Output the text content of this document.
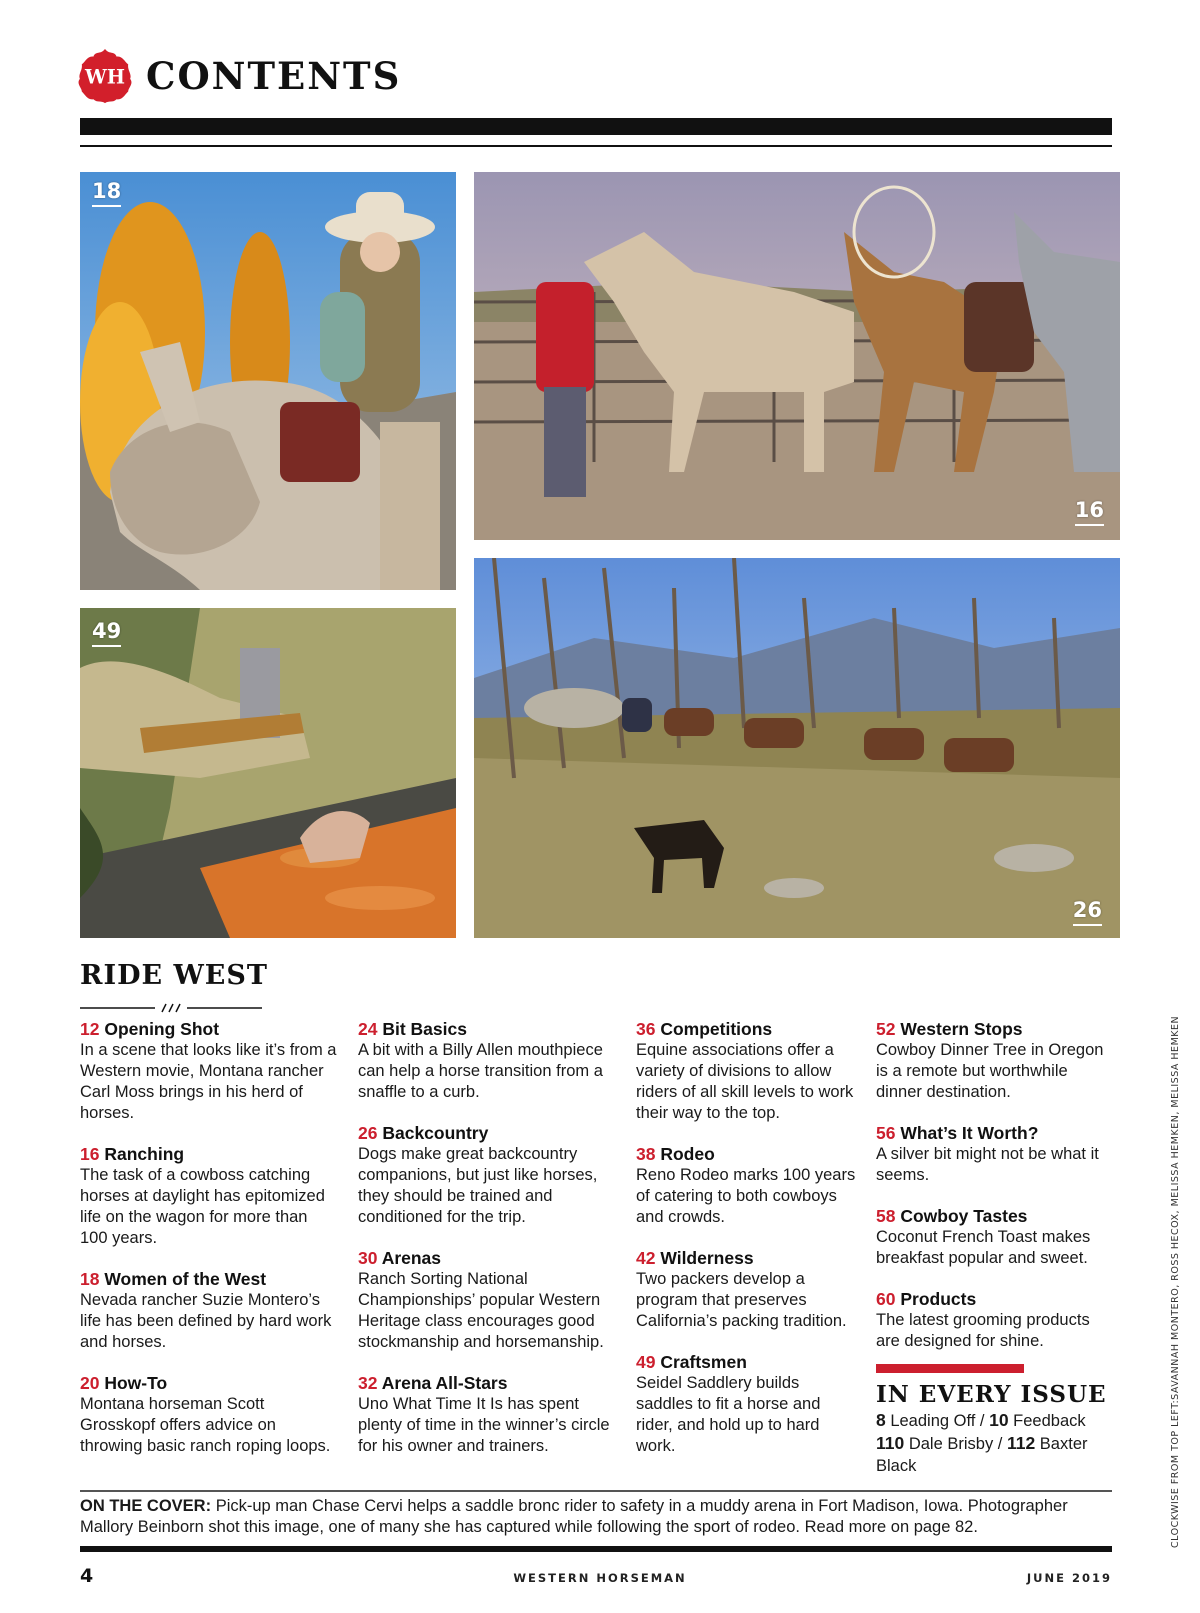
WH CONTENTS
18
16
49
26
RIDE WEST
12 Opening Shot
In a scene that looks like it’s from a Western movie, Montana rancher Carl Moss brings in his herd of horses.
16 Ranching
The task of a cowboss catching horses at daylight has epitomized life on the wagon for more than 100 years.
18 Women of the West
Nevada rancher Suzie Montero’s life has been defined by hard work and horses.
20 How-To
Montana horseman Scott Grosskopf offers advice on throwing basic ranch roping loops.
24 Bit Basics
A bit with a Billy Allen mouthpiece can help a horse transition from a snaffle to a curb.
26 Backcountry
Dogs make great backcountry companions, but just like horses, they should be trained and conditioned for the trip.
30 Arenas
Ranch Sorting National Championships’ popular Western Heritage class encourages good stockmanship and horsemanship.
32 Arena All-Stars
Uno What Time It Is has spent plenty of time in the winner’s circle for his owner and trainers.
36 Competitions
Equine associations offer a variety of divisions to allow riders of all skill levels to work their way to the top.
38 Rodeo
Reno Rodeo marks 100 years of catering to both cowboys and crowds.
42 Wilderness
Two packers develop a program that preserves California’s packing tradition.
49 Craftsmen
Seidel Saddlery builds saddles to fit a horse and rider, and hold up to hard work.
52 Western Stops
Cowboy Dinner Tree in Oregon is a remote but worthwhile dinner destination.
56 What’s It Worth?
A silver bit might not be what it seems.
58 Cowboy Tastes
Coconut French Toast makes breakfast popular and sweet.
60 Products
The latest grooming products are designed for shine.
IN EVERY ISSUE
8 Leading Off / 10 Feedback
110 Dale Brisby / 112 Baxter Black
ON THE COVER: Pick-up man Chase Cervi helps a saddle bronc rider to safety in a muddy arena in Fort Madison, Iowa. Photographer Mallory Beinborn shot this image, one of many she has captured while following the sport of rodeo. Read more on page 82.	CLOCKWISE FROM TOP LEFT:SAVANNAH MONTERO, ROSS HECOX, MELISSA HEMKEN, MELISSA HEMKEN
4	WESTERN HORSEMAN	JUNE 2019
